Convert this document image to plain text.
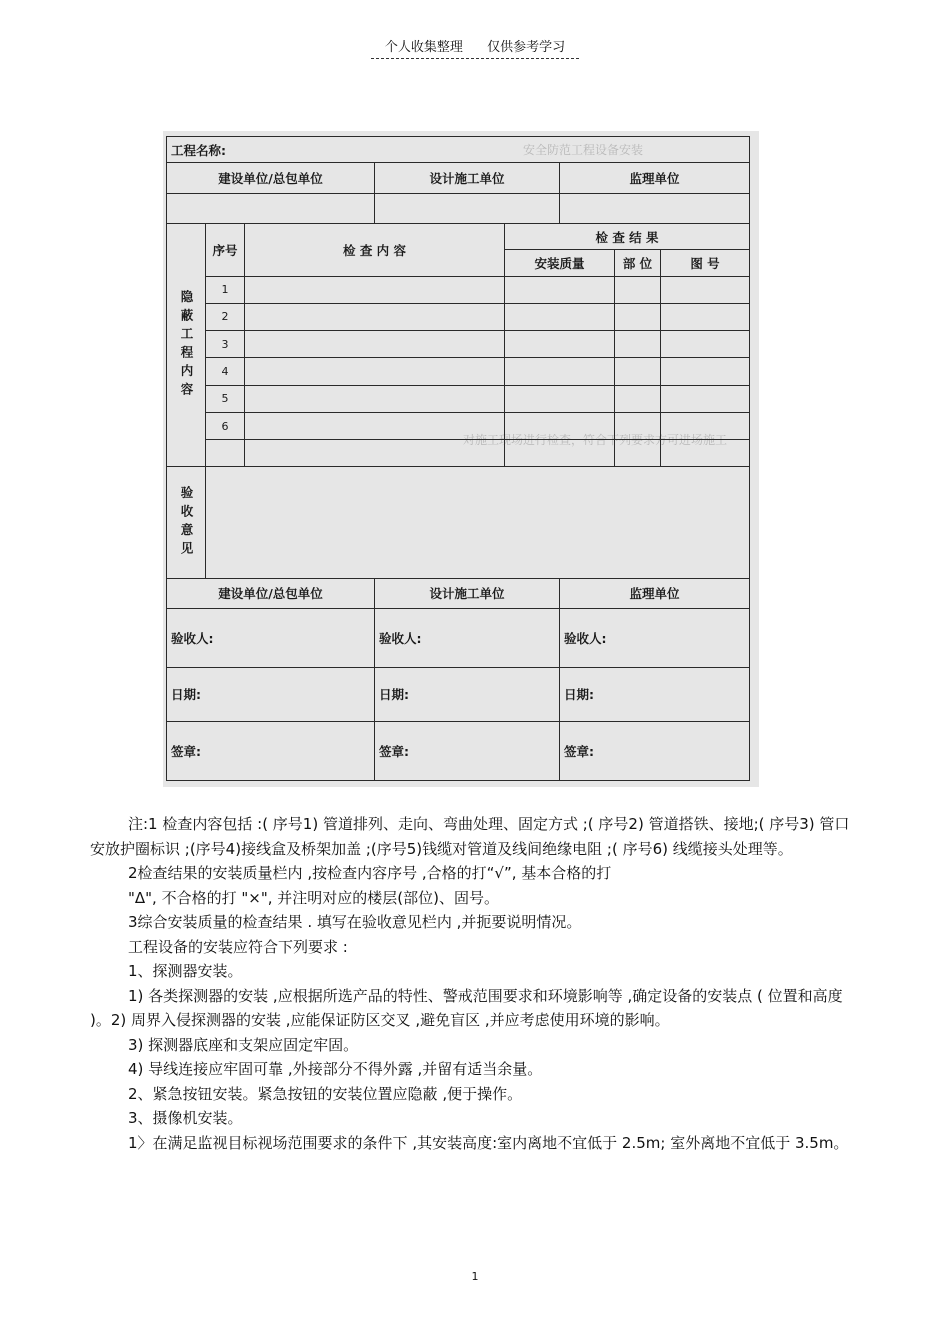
个人收集整理 仅供参考学习
安全防范工程设备安装
对施工现场进行检查，符合下列要求方可进场施工
工程名称:							
建设单位/总包单位			设计施工单位		监理单位		

隐蔽工程内容	序号	检 查 内 容		检 查 结 果			
				安装质量		部 位	图 号
	1						
	2						
	3						
	4						
	5						
	6						

验收意见							
建设单位/总包单位			设计施工单位		监理单位		
验收人:			验收人:		验收人:		
日期:			日期:		日期:		
签章:			签章:		签章:		

注:1 检查内容包括 :( 序号1) 管道排列、走向、弯曲处理、固定方式 ;( 序号2) 管道搭铁、接地;( 序号3) 管口安放护圈标识 ;(序号4)接线盒及桥架加盖 ;(序号5)钱缆对管道及线间绝缘电阻 ;( 序号6) 线缆接头处理等。

2检查结果的安装质量栏内 ,按检查内容序号 ,合格的打“√”, 基本合格的打

"Δ", 不合格的打 "×", 并注明对应的楼层(部位)、固号。

3综合安装质量的检查结果 . 填写在验收意见栏内 ,并扼要说明情况。

工程设备的安装应符合下列要求 :

1、探测器安装。

1) 各类探测器的安装 ,应根据所选产品的特性、警戒范围要求和环境影响等 ,确定设备的安装点 ( 位置和高度 )。2) 周界入侵探测器的安装 ,应能保证防区交叉 ,避免盲区 ,并应考虑使用环境的影响。

3) 探测器底座和支架应固定牢固。

4) 导线连接应牢固可靠 ,外接部分不得外露 ,并留有适当余量。

2、紧急按钮安装。紧急按钮的安装位置应隐蔽 ,便于操作。

3、摄像机安装。

1〉在满足监视目标视场范围要求的条件下 ,其安装高度:室内离地不宜低于 2.5m; 室外离地不宜低于 3.5m。

1
